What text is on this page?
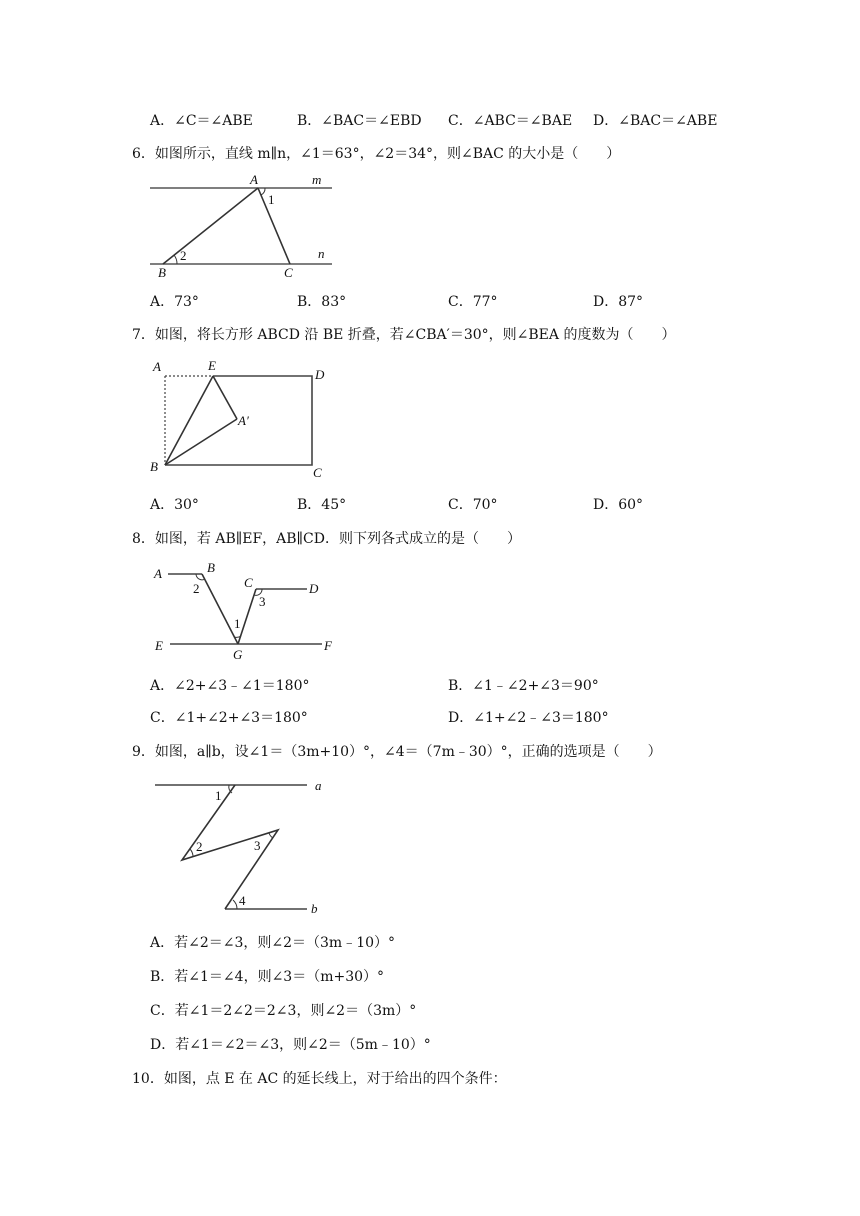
A．∠C＝∠ABE	B．∠BAC＝∠EBD C．∠ABC＝∠BAE D．∠BAC＝∠ABE
6．如图所示，直线 m∥n，∠1＝63°，∠2＝34°，则∠BAC 的大小是（　　）
A	m
1
2	n
B	C
A．73°	B．83°	C．77°	D．87°
7．如图，将长方形 ABCD 沿 BE 折叠，若∠CBA′＝30°，则∠BEA 的度数为（　　）
A	E
D
A′
B	C
A．30°	B．45°	C．70°	D．60°
8．如图，若 AB∥EF，AB∥CD．则下列各式成立的是（　　）
A	B
2	C
3
D
1
E
G
F
A．∠2+∠3﹣∠1＝180°	B．∠1﹣∠2+∠3＝90°
C．∠1+∠2+∠3＝180°	D．∠1+∠2﹣∠3＝180°
9．如图，a∥b，设∠1＝（3m+10）°，∠4＝（7m﹣30）°，正确的选项是（　　）
1
a
2	3
4
b
A．若∠2＝∠3，则∠2＝（3m﹣10）°
B．若∠1＝∠4，则∠3＝（m+30）°
C．若∠1＝2∠2＝2∠3，则∠2＝（3m）°
D．若∠1＝∠2＝∠3，则∠2＝（5m﹣10）°
10．如图，点 E 在 AC 的延长线上，对于给出的四个条件：
